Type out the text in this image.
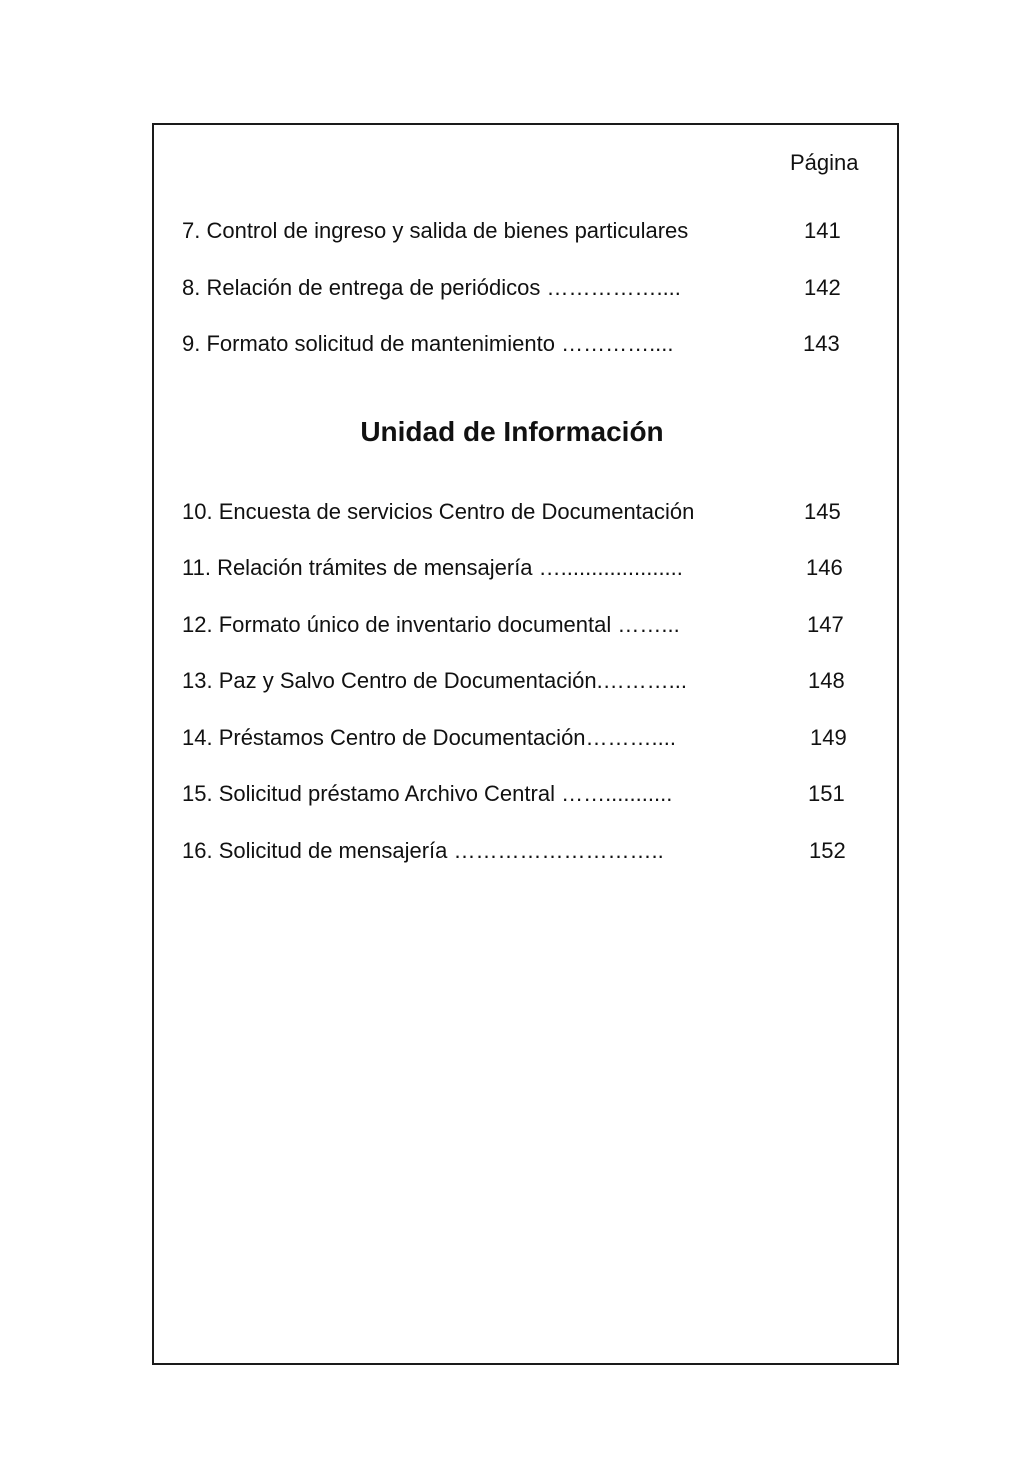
Página
7. Control de ingreso y salida de bienes particulares	141
8. Relación de entrega de periódicos ……………....	142
9. Formato solicitud de mantenimiento …………....	143
Unidad de Información
10. Encuesta de servicios Centro de Documentación	145
11. Relación trámites de mensajería …....................	146
12. Formato único de inventario documental ……...	147
13. Paz y Salvo Centro de Documentación.………...	148
14. Préstamos Centro de Documentación………....	149
15. Solicitud préstamo Archivo Central ……...........	151
16. Solicitud de mensajería ………………………..	152
